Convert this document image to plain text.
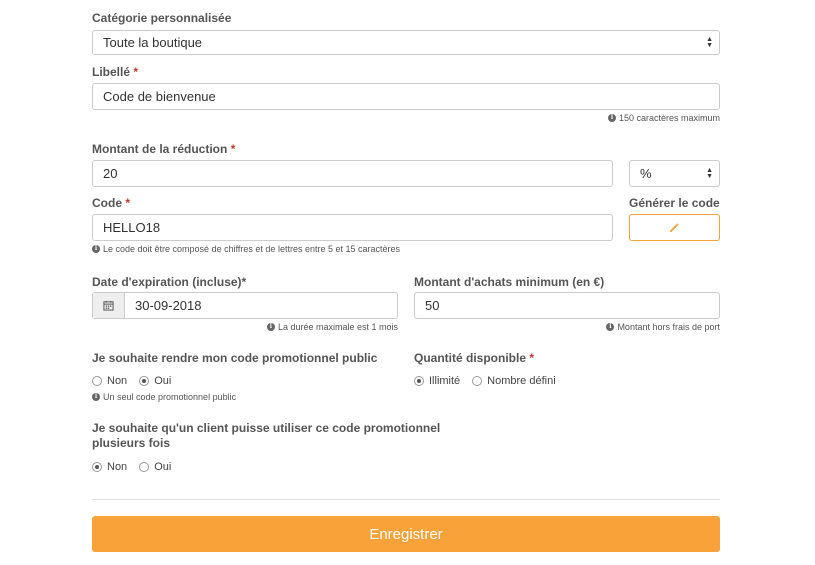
Catégorie personnalisée
Toute la boutique	▲
▼
Libellé *
Code de bienvenue
i 150 caractères maximum
Montant de la réduction *
20	%	▲
▼
Code *
HELLO18
i Le code doit être composé de chiffres et de lettres entre 5 et 15 caractères
Générer le code
Date d'expiration (incluse)*
30-09-2018
i La durée maximale est 1 mois
Montant d'achats minimum (en €)
50
i Montant hors frais de port
Je souhaite rendre mon code promotionnel public
Non Oui
i Un seul code promotionnel public
Quantité disponible *
Illimité Nombre défini
Je souhaite qu'un client puisse utiliser ce code promotionnel
plusieurs fois
Non Oui
Enregistrer
